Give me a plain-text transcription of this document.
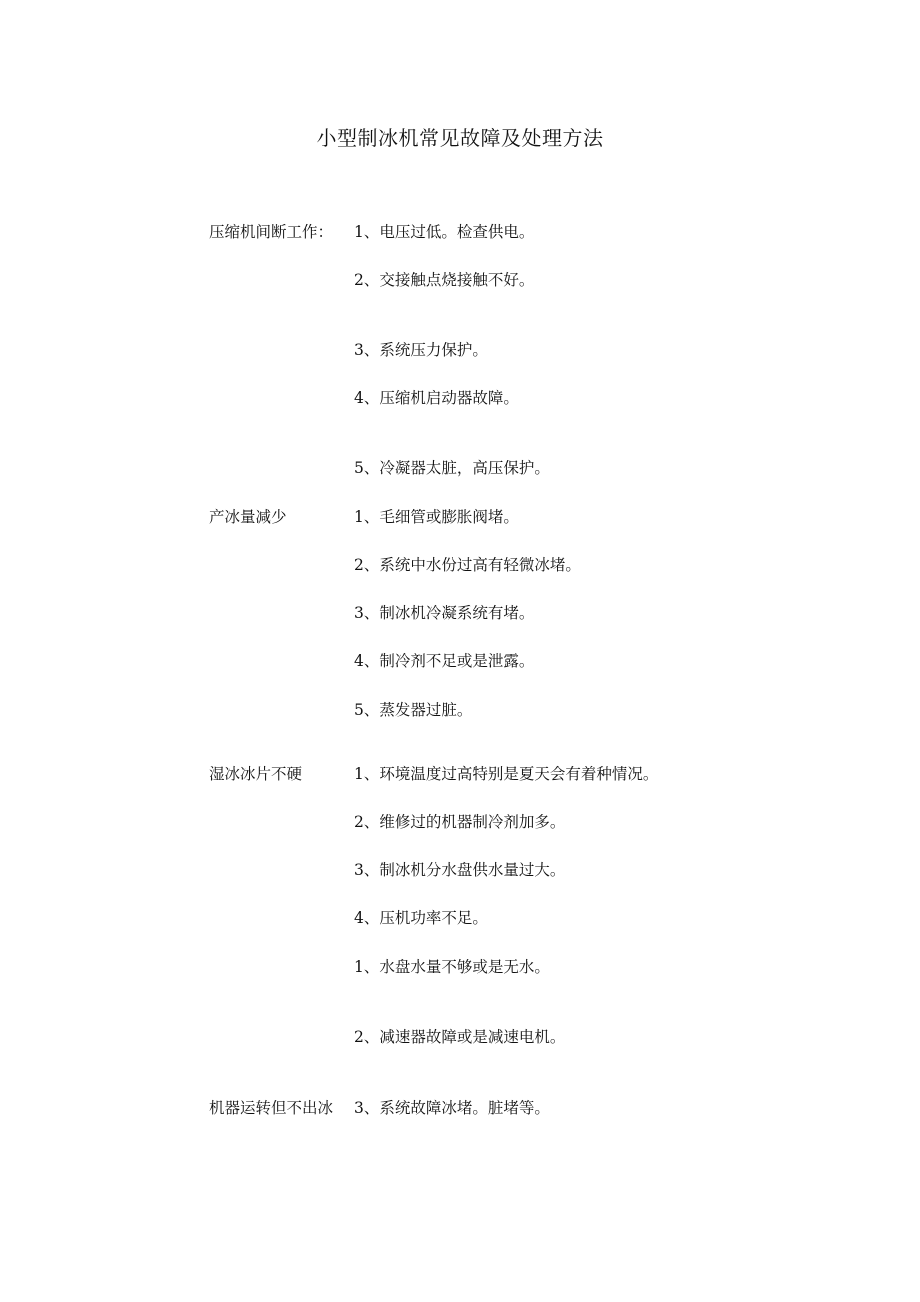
小型制冰机常见故障及处理方法
压缩机间断工作： 1、电压过低。检查供电。
2、交接触点烧接触不好。
3、系统压力保护。
4、压缩机启动器故障。
5、冷凝器太脏，高压保护。
产冰量减少	1、毛细管或膨胀阀堵。
2、系统中水份过高有轻微冰堵。
3、制冰机冷凝系统有堵。
4、制冷剂不足或是泄露。
5、蒸发器过脏。
湿冰冰片不硬	1、环境温度过高特别是夏天会有着种情况。
2、维修过的机器制冷剂加多。
3、制冰机分水盘供水量过大。
4、压机功率不足。
1、水盘水量不够或是无水。
2、减速器故障或是减速电机。
机器运转但不出冰 3、系统故障冰堵。脏堵等。
